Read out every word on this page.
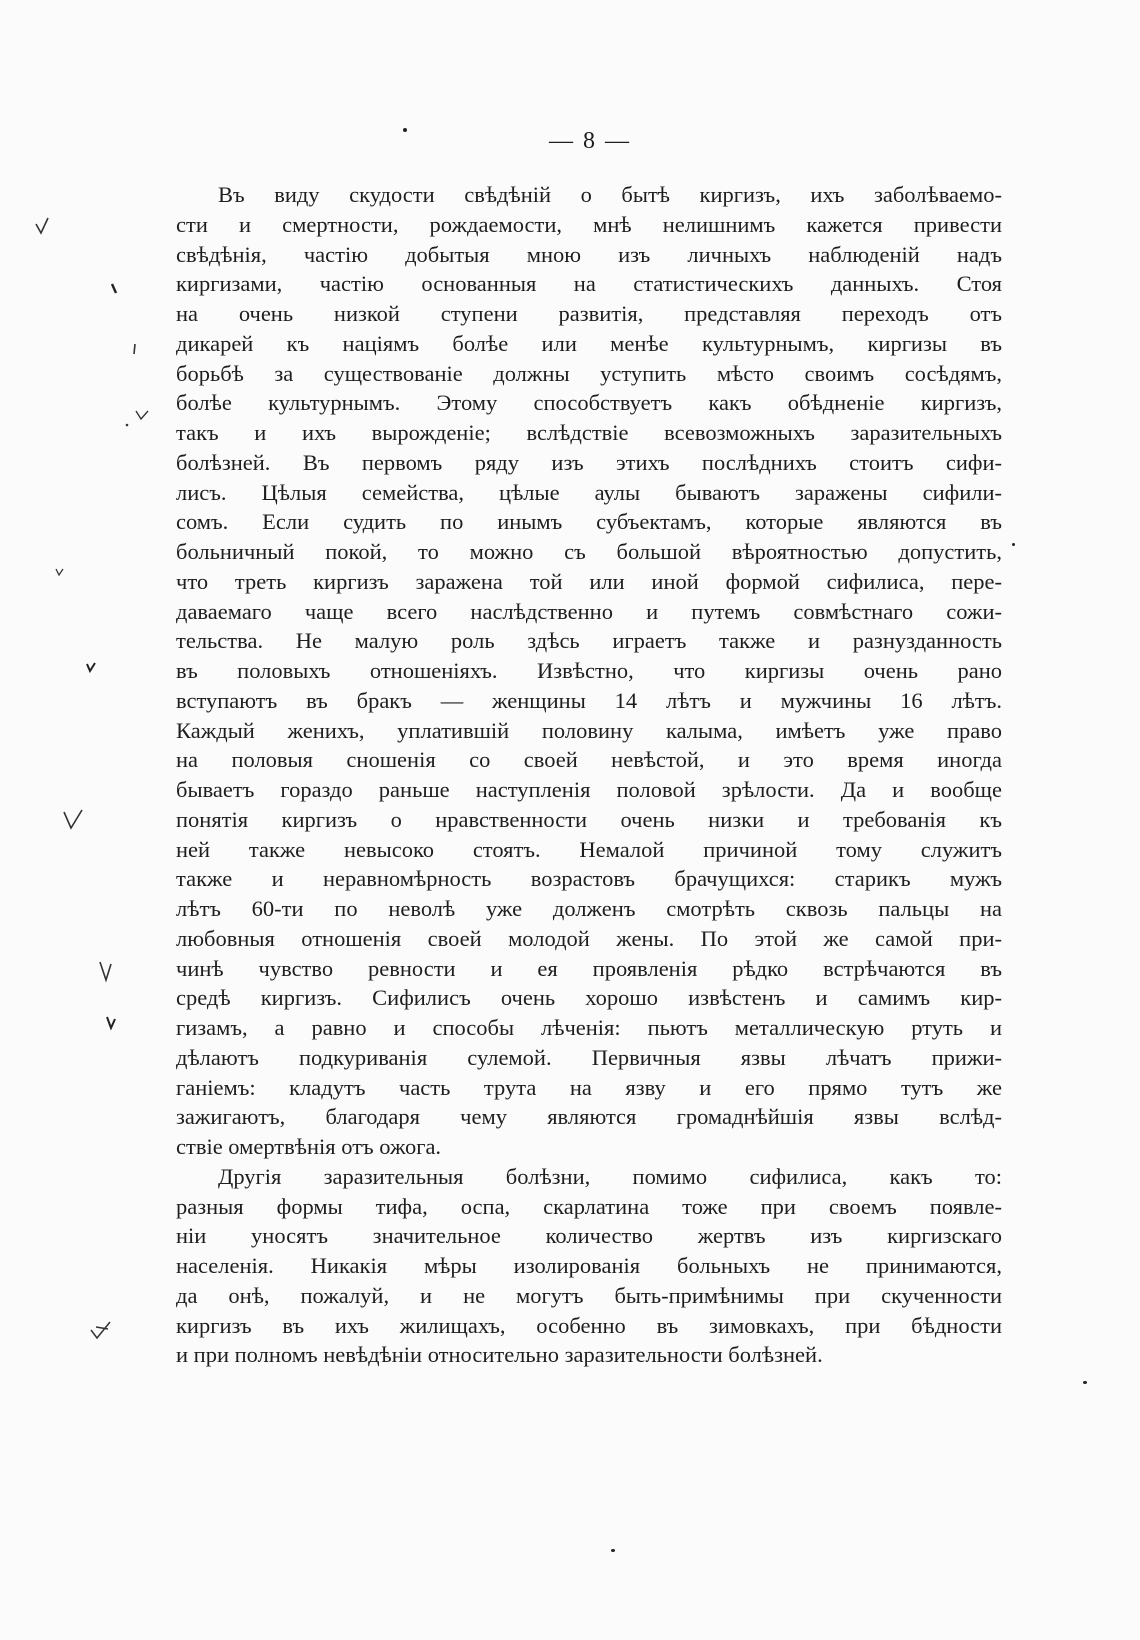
— 8 —
Въ виду скудости свѣдѣній о бытѣ киргизъ, ихъ заболѣваемо-
сти и смертности, рождаемости, мнѣ нелишнимъ кажется привести
свѣдѣнія, частію добытыя мною изъ личныхъ наблюденій надъ
киргизами, частію основанныя на статистическихъ данныхъ. Стоя
на очень низкой ступени развитія, представляя переходъ отъ
дикарей къ націямъ болѣе или менѣе культурнымъ, киргизы въ
борьбѣ за существованіе должны уступить мѣсто своимъ сосѣдямъ,
болѣе культурнымъ. Этому способствуетъ какъ обѣдненіе киргизъ,
такъ и ихъ вырожденіе; вслѣдствіе всевозможныхъ заразительныхъ
болѣзней. Въ первомъ ряду изъ этихъ послѣднихъ стоитъ сифи-
лисъ. Цѣлыя семейства, цѣлые аулы бываютъ заражены сифили-
сомъ. Если судить по инымъ субъектамъ, которые являются въ
больничный покой, то можно съ большой вѣроятностью допустить,
что треть киргизъ заражена той или иной формой сифилиса, пере-
даваемаго чаще всего наслѣдственно и путемъ совмѣстнаго сожи-
тельства. Не малую роль здѣсь играетъ также и разнузданность
въ половыхъ отношеніяхъ. Извѣстно, что киргизы очень рано
вступаютъ въ бракъ — женщины 14 лѣтъ и мужчины 16 лѣтъ.
Каждый женихъ, уплатившій половину калыма, имѣетъ уже право
на половыя сношенія со своей невѣстой, и это время иногда
бываетъ гораздо раньше наступленія половой зрѣлости. Да и вообще
понятія киргизъ о нравственности очень низки и требованія къ
ней также невысоко стоятъ. Немалой причиной тому служитъ
также и неравномѣрность возрастовъ брачущихся: старикъ мужъ
лѣтъ 60-ти по неволѣ уже долженъ смотрѣть сквозь пальцы на
любовныя отношенія своей молодой жены. По этой же самой при-
чинѣ чувство ревности и ея проявленія рѣдко встрѣчаются въ
средѣ киргизъ. Сифилисъ очень хорошо извѣстенъ и самимъ кир-
гизамъ, а равно и способы лѣченія: пьютъ металлическую ртуть и
дѣлаютъ подкуриванія сулемой. Первичныя язвы лѣчатъ прижи-
ганіемъ: кладутъ часть трута на язву и его прямо тутъ же
зажигаютъ, благодаря чему являются громаднѣйшія язвы вслѣд-
ствіе омертвѣнія отъ ожога.
Другія заразительныя болѣзни, помимо сифилиса, какъ то:
разныя формы тифа, оспа, скарлатина тоже при своемъ появле-
ніи уносятъ значительное количество жертвъ изъ киргизскаго
населенія. Никакія мѣры изолированія больныхъ не принимаются,
да онѣ, пожалуй, и не могутъ быть-примѣнимы при скученности
киргизъ въ ихъ жилищахъ, особенно въ зимовкахъ, при бѣдности
и при полномъ невѣдѣніи относительно заразительности болѣзней.
